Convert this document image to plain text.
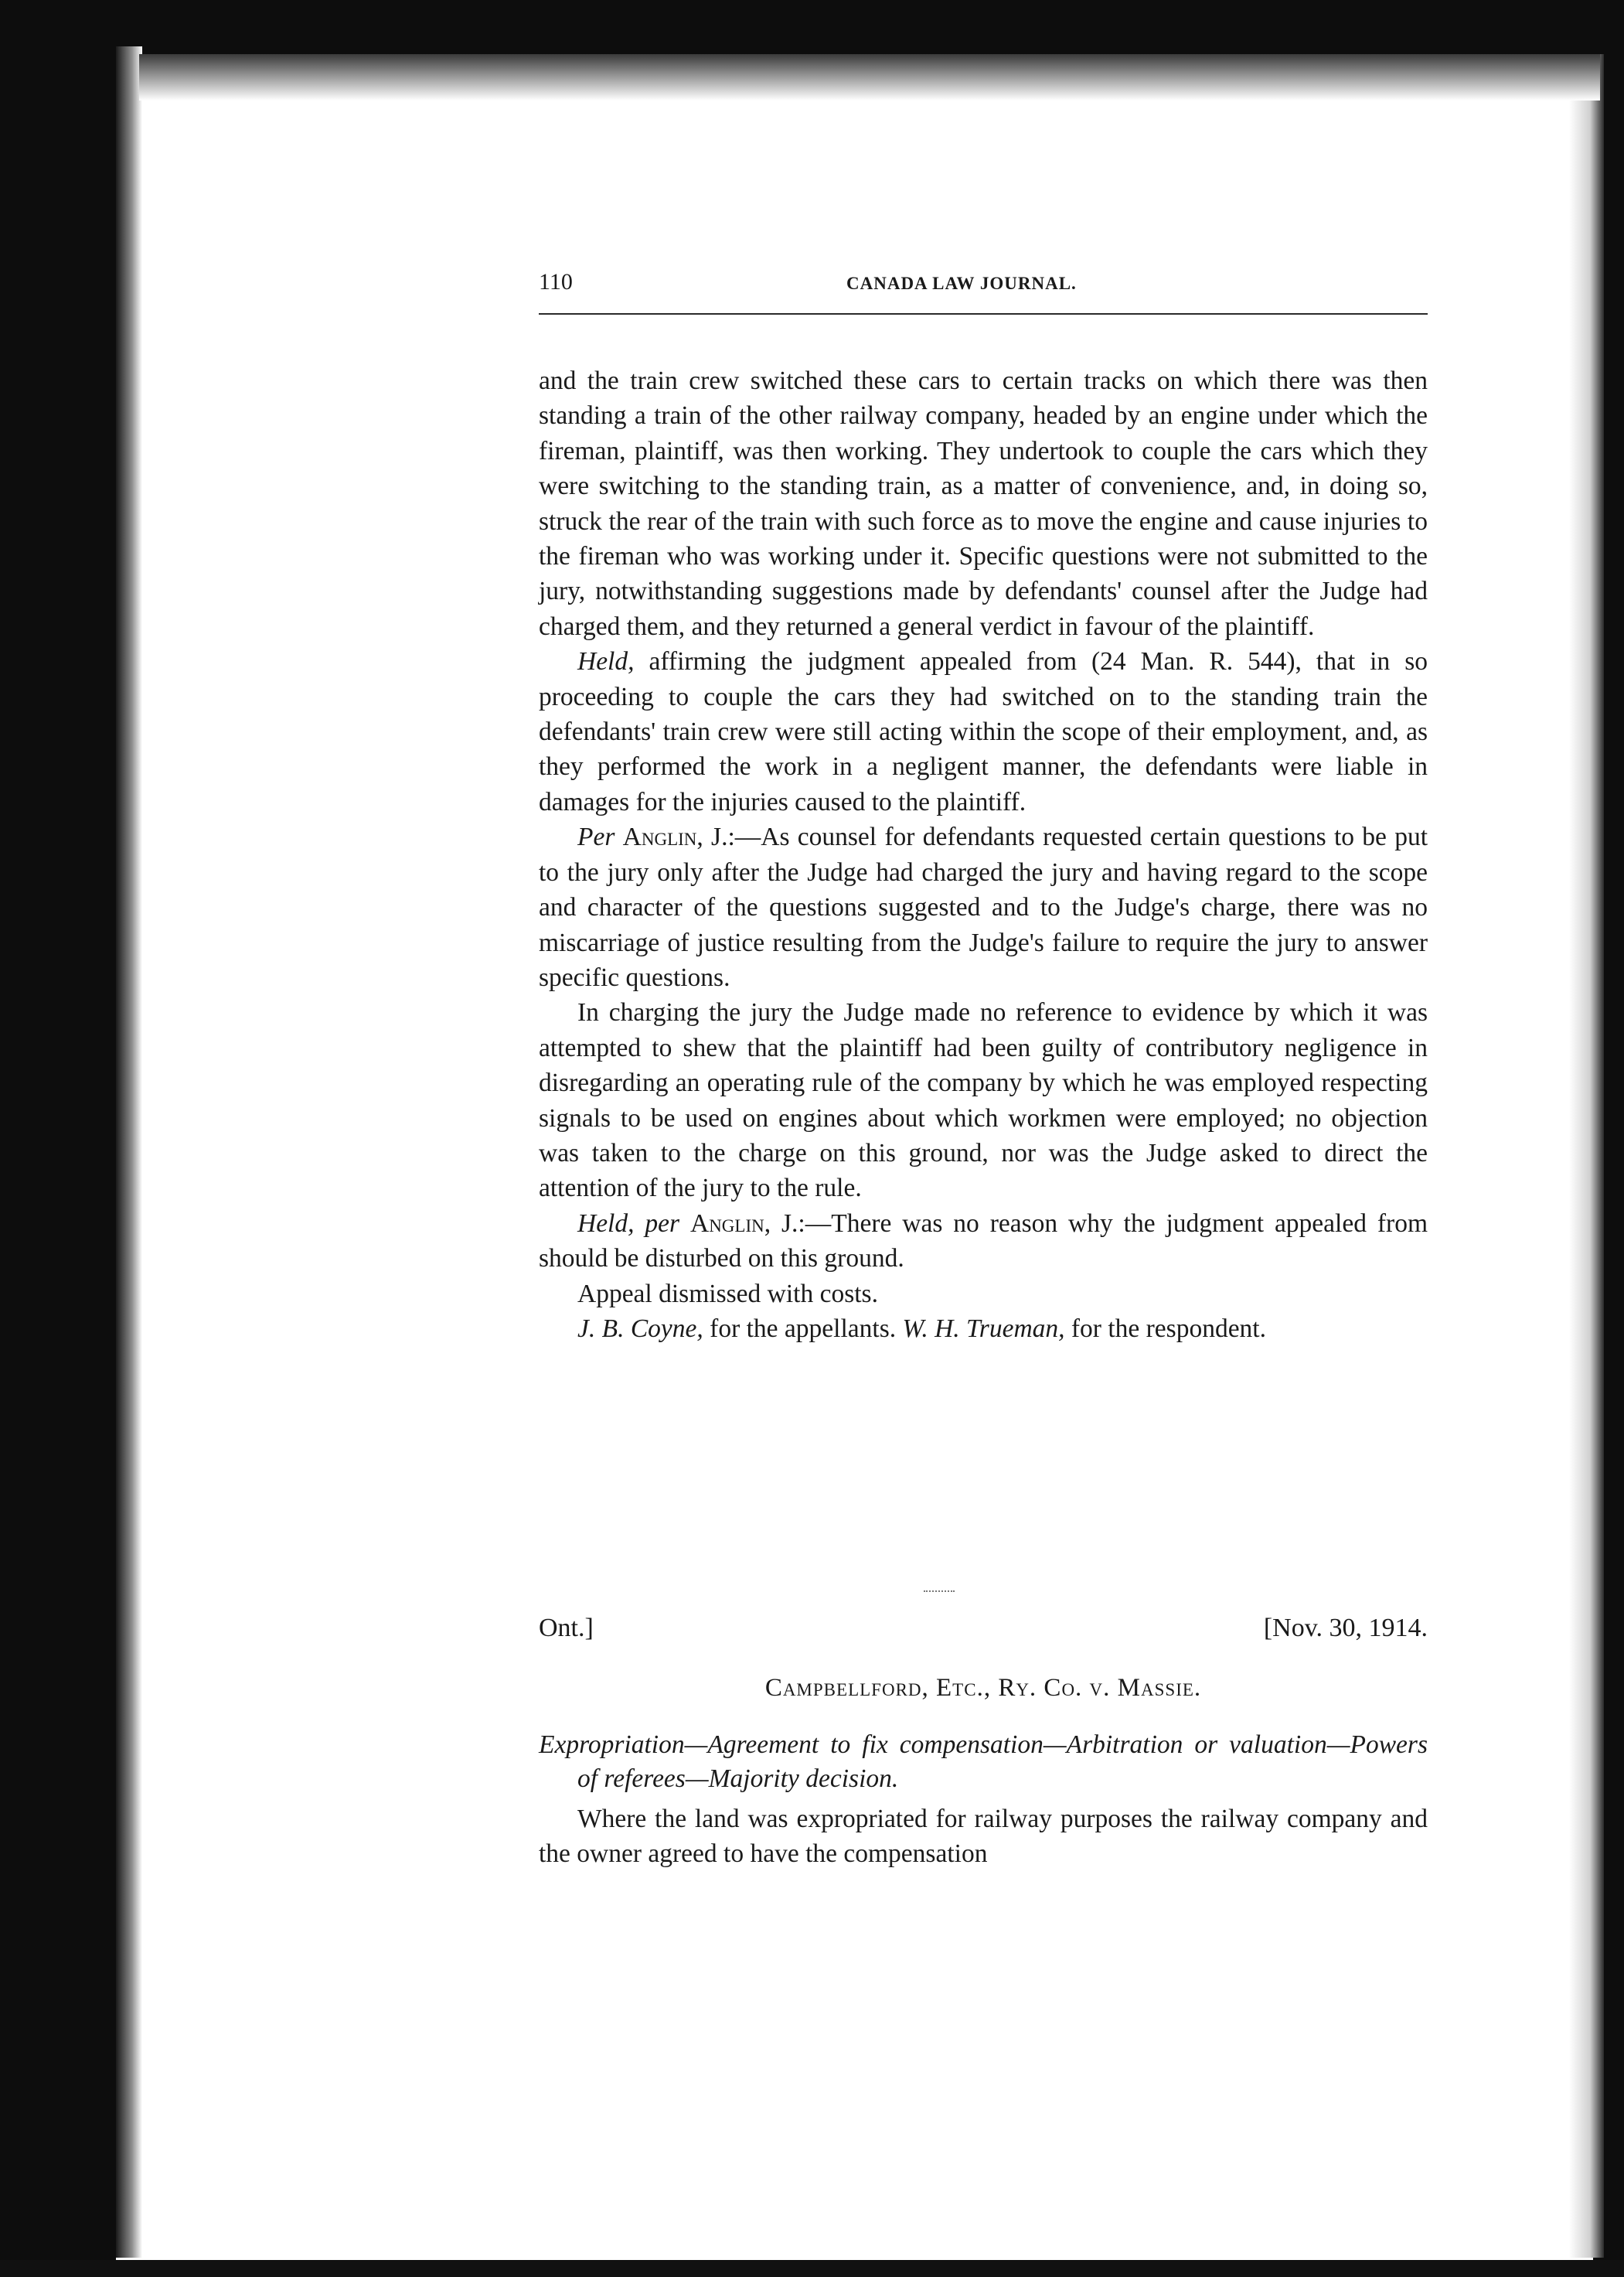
110	CANADA LAW JOURNAL.

and the train crew switched these cars to certain tracks on which there was then standing a train of the other railway company, headed by an engine under which the fireman, plaintiff, was then working. They undertook to couple the cars which they were switching to the standing train, as a matter of convenience, and, in doing so, struck the rear of the train with such force as to move the engine and cause injuries to the fireman who was working under it. Specific questions were not submitted to the jury, notwithstanding suggestions made by defendants' counsel after the Judge had charged them, and they returned a general verdict in favour of the plaintiff.

Held, affirming the judgment appealed from (24 Man. R. 544), that in so proceeding to couple the cars they had switched on to the standing train the defendants' train crew were still acting within the scope of their employment, and, as they performed the work in a negligent manner, the defendants were liable in damages for the injuries caused to the plaintiff.

Per Anglin, J.:—As counsel for defendants requested certain questions to be put to the jury only after the Judge had charged the jury and having regard to the scope and character of the questions suggested and to the Judge's charge, there was no miscarriage of justice resulting from the Judge's failure to require the jury to answer specific questions.

In charging the jury the Judge made no reference to evidence by which it was attempted to shew that the plaintiff had been guilty of contributory negligence in disregarding an operating rule of the company by which he was employed respecting signals to be used on engines about which workmen were employed; no objection was taken to the charge on this ground, nor was the Judge asked to direct the attention of the jury to the rule.

Held, per Anglin, J.:—There was no reason why the judgment appealed from should be disturbed on this ground.

Appeal dismissed with costs.

J. B. Coyne, for the appellants. W. H. Trueman, for the respondent.

Ont.]	[Nov. 30, 1914.
Campbellford, Etc., Ry. Co. v. Massie.

Expropriation—Agreement to fix compensation—Arbitration or valuation—Powers of referees—Majority decision.

Where the land was expropriated for railway purposes the railway company and the owner agreed to have the compensation
